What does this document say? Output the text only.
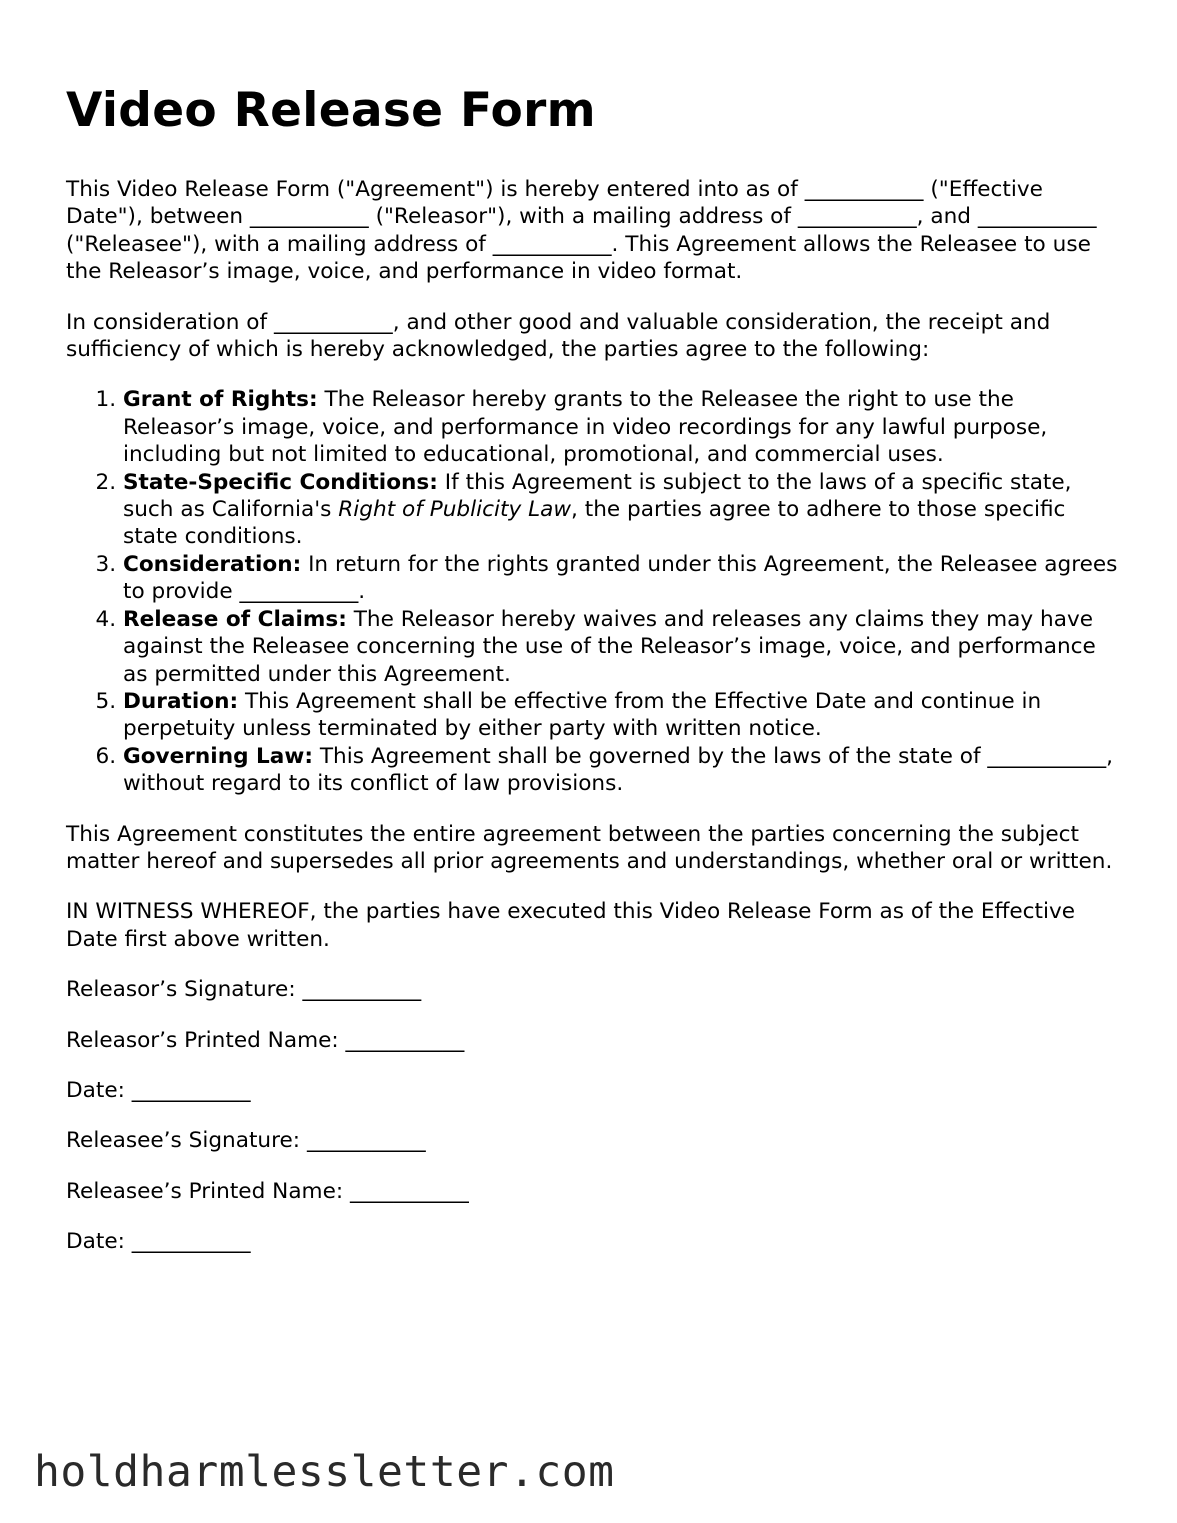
Video Release Form

This Video Release Form ("Agreement") is hereby entered into as of ___________ ("Effective Date"), between ___________ ("Releasor"), with a mailing address of ___________, and ___________ ("Releasee"), with a mailing address of ___________. This Agreement allows the Releasee to use the Releasor’s image, voice, and performance in video format.

In consideration of ___________, and other good and valuable consideration, the receipt and sufficiency of which is hereby acknowledged, the parties agree to the following:

1. Grant of Rights: The Releasor hereby grants to the Releasee the right to use the Releasor’s image, voice, and performance in video recordings for any lawful purpose, including but not limited to educational, promotional, and commercial uses.
2. State-Specific Conditions: If this Agreement is subject to the laws of a specific state, such as California's Right of Publicity Law, the parties agree to adhere to those specific state conditions.
3. Consideration: In return for the rights granted under this Agreement, the Releasee agrees to provide ___________.
4. Release of Claims: The Releasor hereby waives and releases any claims they may have against the Releasee concerning the use of the Releasor’s image, voice, and performance as permitted under this Agreement.
5. Duration: This Agreement shall be effective from the Effective Date and continue in perpetuity unless terminated by either party with written notice.
6. Governing Law: This Agreement shall be governed by the laws of the state of ___________, without regard to its conflict of law provisions.

This Agreement constitutes the entire agreement between the parties concerning the subject matter hereof and supersedes all prior agreements and understandings, whether oral or written.

IN WITNESS WHEREOF, the parties have executed this Video Release Form as of the Effective Date first above written.

Releasor’s Signature: ___________

Releasor’s Printed Name: ___________

Date: ___________

Releasee’s Signature: ___________

Releasee’s Printed Name: ___________

Date: ___________

holdharmlessletter.com
